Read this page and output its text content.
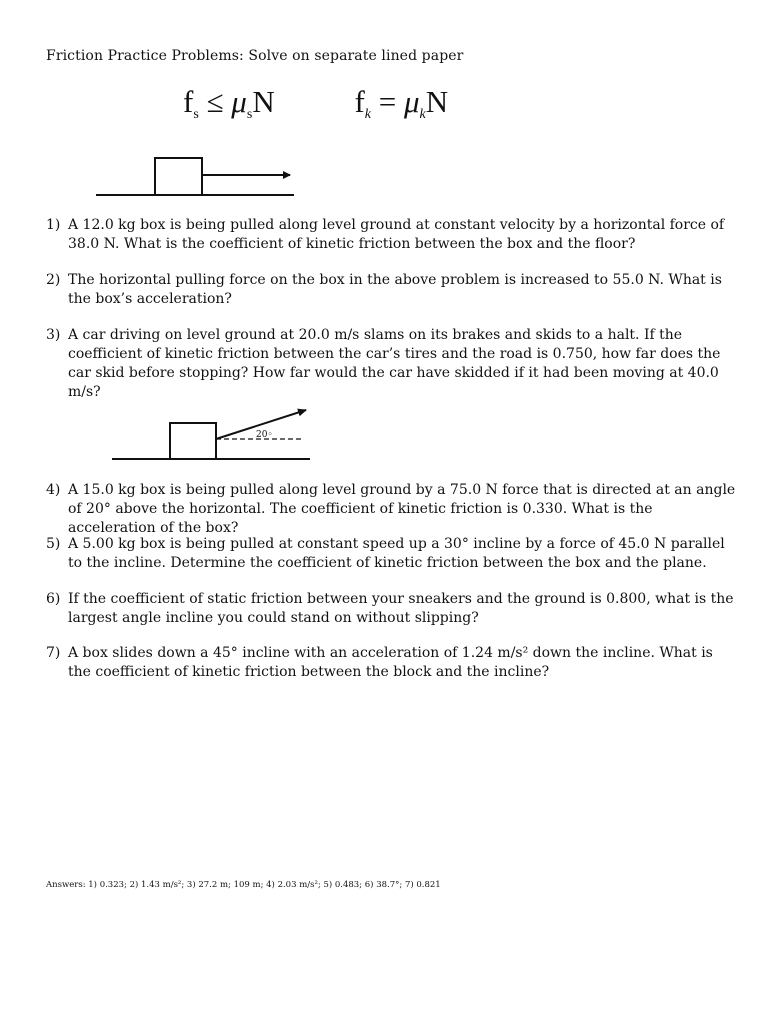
Friction Practice Problems: Solve on separate lined paper
$f_s \le \mu_sN$	$f_k = \mu_kN$
20◦
1) A 12.0 kg box is being pulled along level ground at constant velocity by a horizontal force of 38.0 N. What is the coefficient of kinetic friction between the box and the floor?
2) The horizontal pulling force on the box in the above problem is increased to 55.0 N. What is the box’s acceleration?
3) A car driving on level ground at 20.0 m/s slams on its brakes and skids to a halt. If the coefficient of kinetic friction between the car’s tires and the road is 0.750, how far does the car skid before stopping? How far would the car have skidded if it had been moving at 40.0 m/s?
4) A 15.0 kg box is being pulled along level ground by a 75.0 N force that is directed at an angle of 20° above the horizontal. The coefficient of kinetic friction is 0.330. What is the acceleration of the box?
5) A 5.00 kg box is being pulled at constant speed up a 30° incline by a force of 45.0 N parallel to the incline. Determine the coefficient of kinetic friction between the box and the plane.
6) If the coefficient of static friction between your sneakers and the ground is 0.800, what is the largest angle incline you could stand on without slipping?
7) A box slides down a 45° incline with an acceleration of 1.24 m/s² down the incline. What is the coefficient of kinetic friction between the block and the incline?
Answers: 1) 0.323; 2) 1.43 m/s²; 3) 27.2 m; 109 m; 4) 2.03 m/s²; 5) 0.483; 6) 38.7°; 7) 0.821
